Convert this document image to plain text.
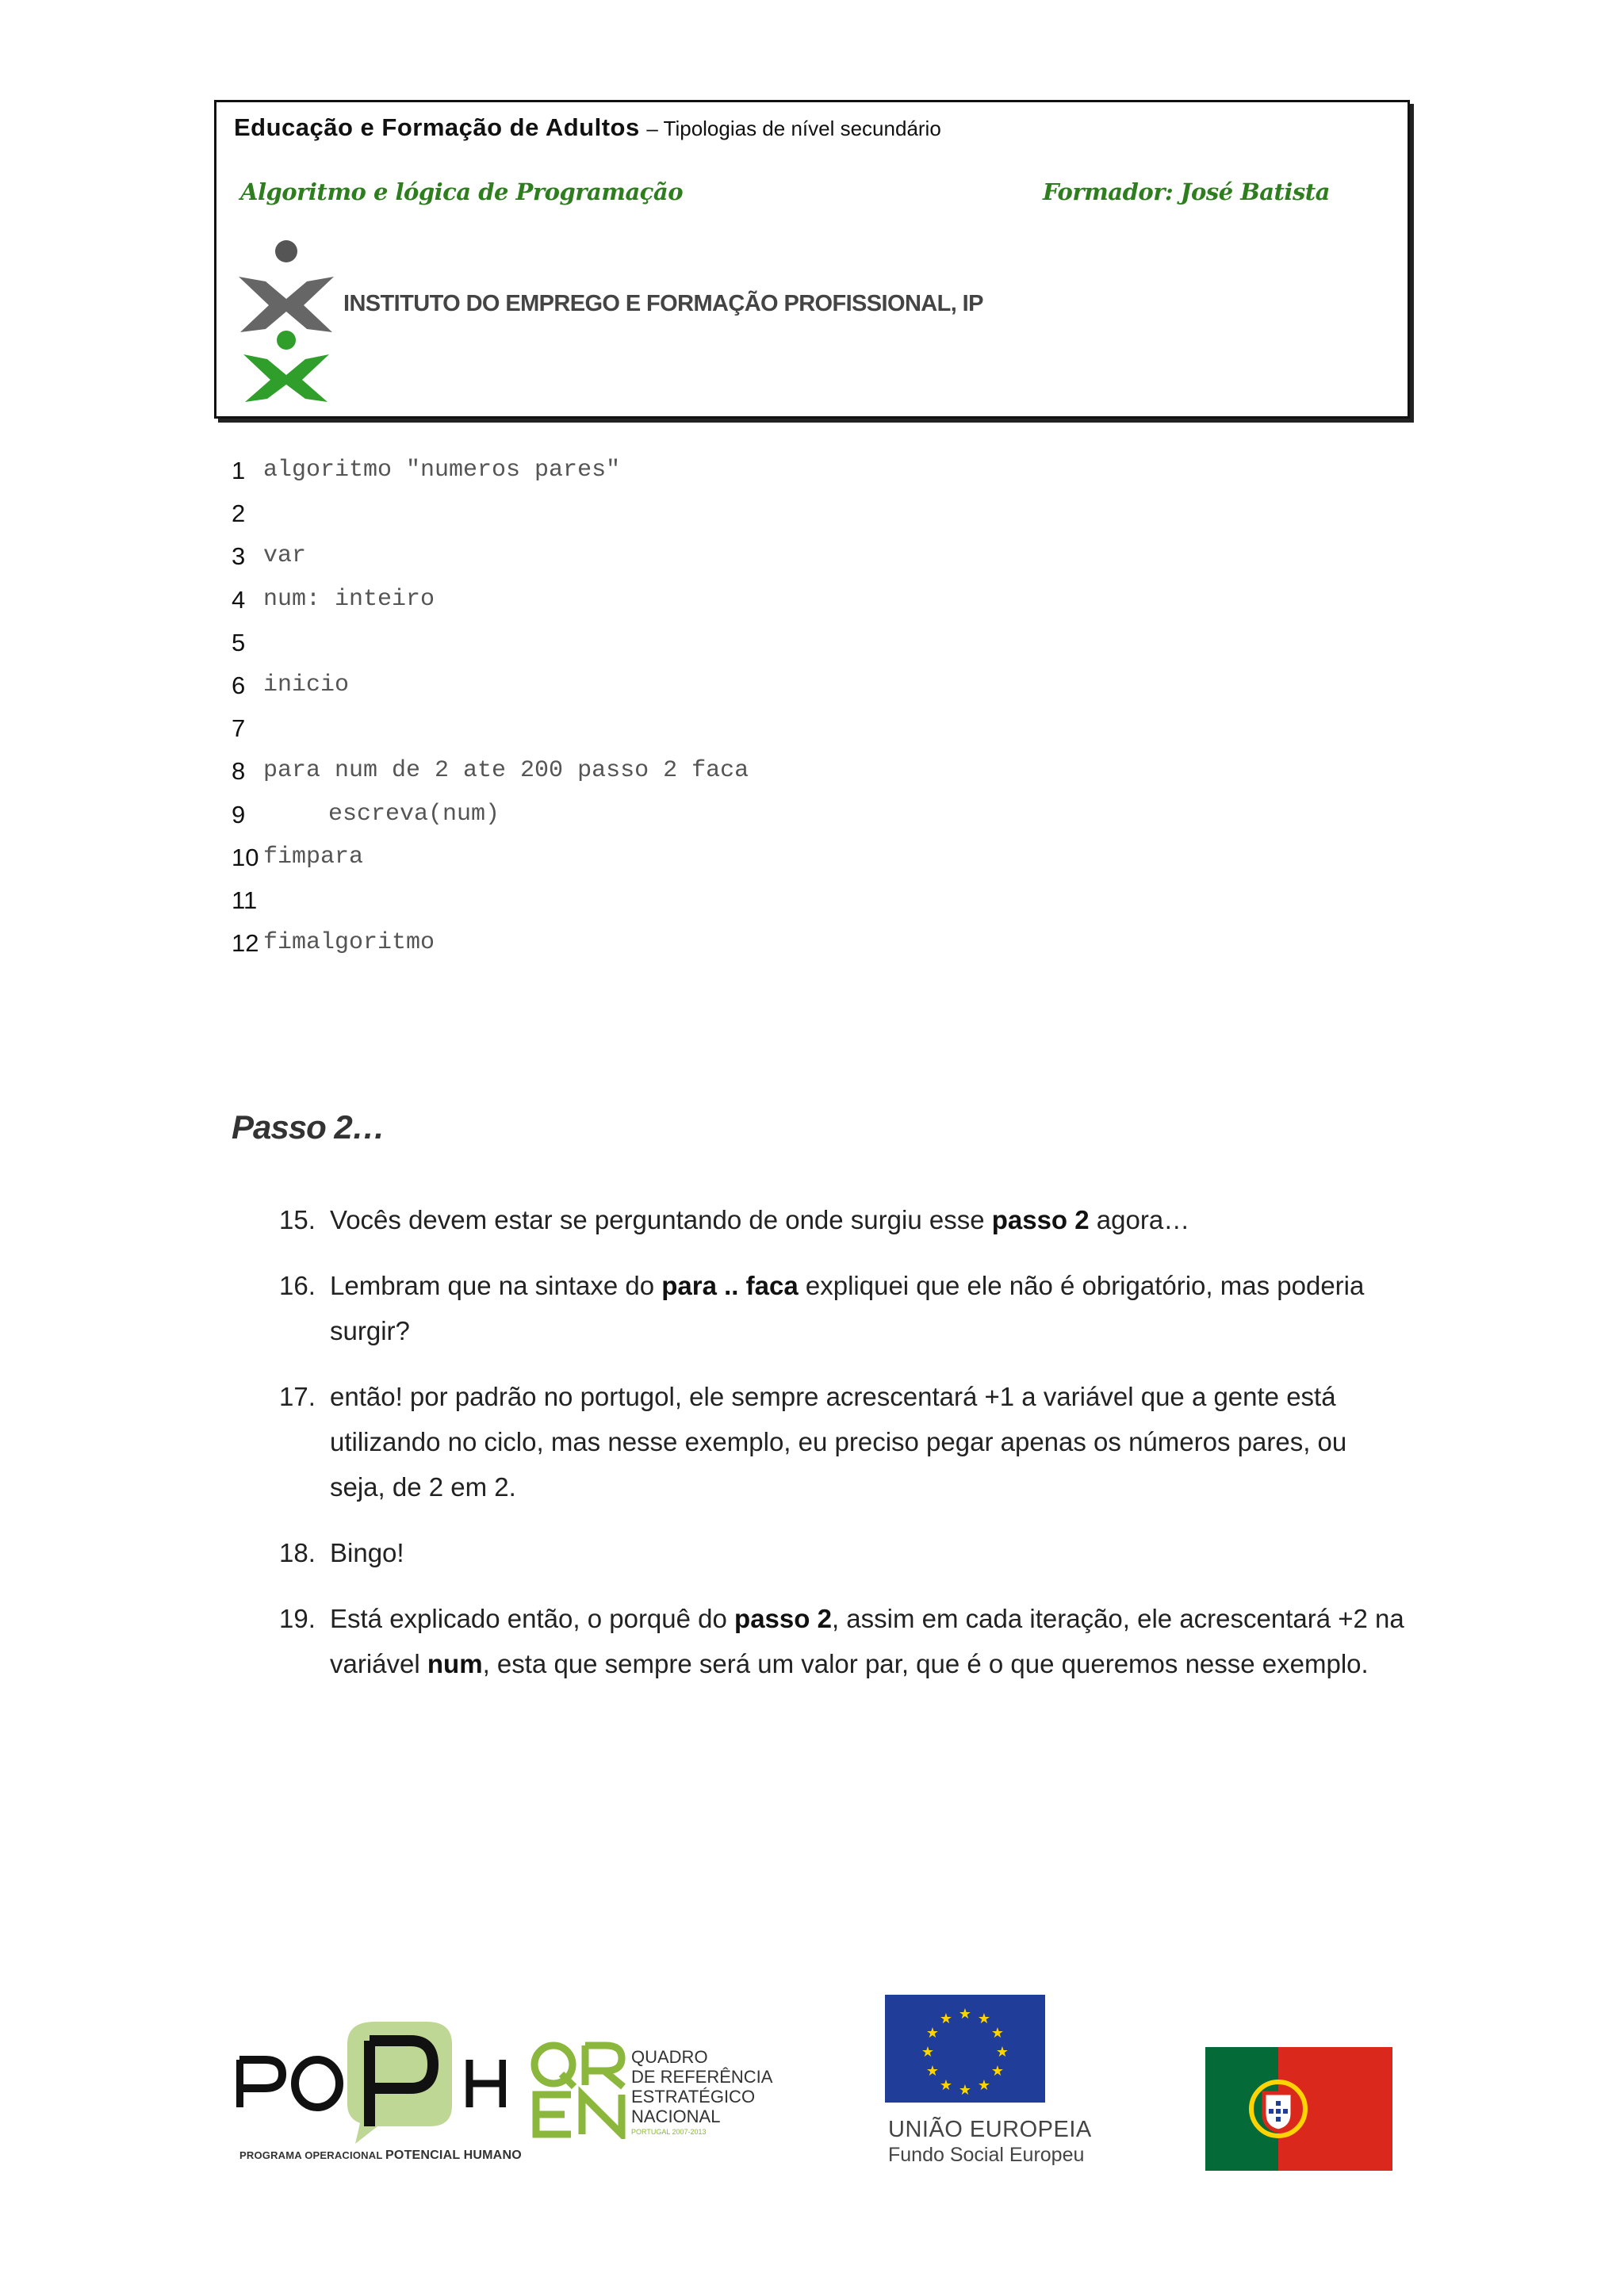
Educação e Formação de Adultos – Tipologias de nível secundário
Algoritmo e lógica de Programação	Formador: José Batista
INSTITUTO DO EMPREGO E FORMAÇÃO PROFISSIONAL, IP
1 algoritmo "numeros pares"
2
3 var
4 num: inteiro
5
6 inicio
7
8 para num de 2 ate 200 passo 2 faca
9	escreva(num)
10 fimpara
11
12 fimalgoritmo
Passo 2…
15. Vocês devem estar se perguntando de onde surgiu esse passo 2 agora…
16. Lembram que na sintaxe do para .. faca expliquei que ele não é obrigatório, mas poderia surgir?
17. então! por padrão no portugol, ele sempre acrescentará +1 a variável que a gente está utilizando no ciclo, mas nesse exemplo, eu preciso pegar apenas os números pares, ou seja, de 2 em 2.
18. Bingo!
19. Está explicado então, o porquê do passo 2, assim em cada iteração, ele acrescentará +2 na variável num, esta que sempre será um valor par, que é o que queremos nesse exemplo.
PROGRAMA OPERACIONAL POTENCIAL HUMANO
QUADRO
DE REFERÊNCIA
ESTRATÉGICO
NACIONAL
PORTUGAL 2007-2013
★ ★
★
★
★
★
★
★
★
★
★
★
UNIÃO EUROPEIA
Fundo Social Europeu
